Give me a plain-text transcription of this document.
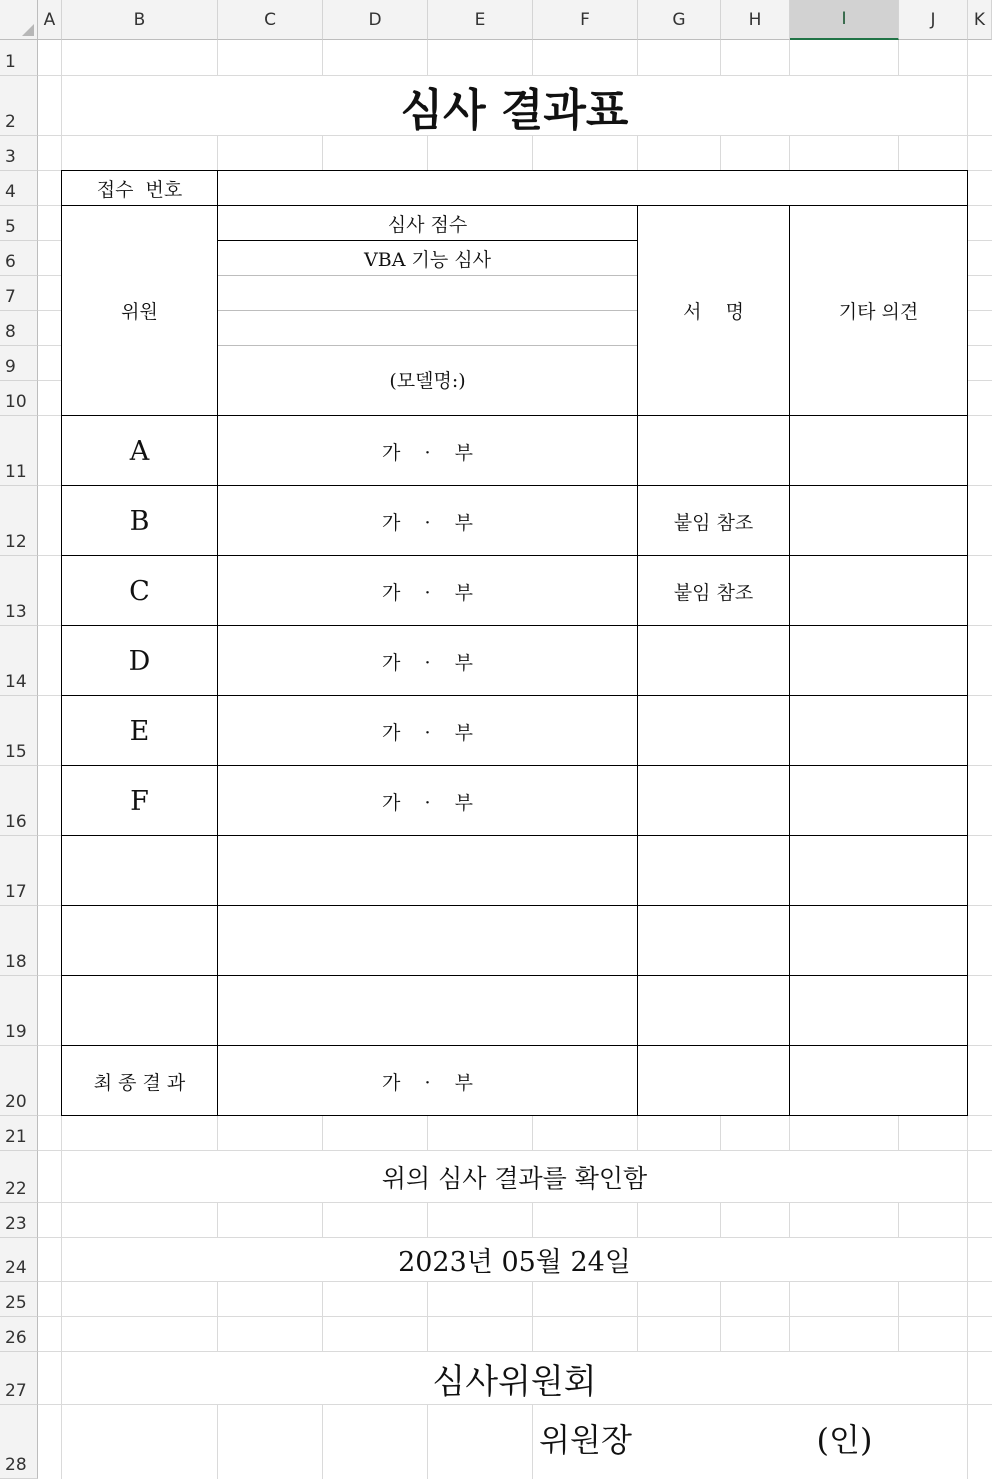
A	B	C	D	E	F	G	H	I	J	K
1
2
3
4
5
6
7
8
9
10
11
12
13
14
15
16
17
18
19
20
21
22
23
24
25
26
27
28
심사 결과표
접수  번호
위원
심사 점수
VBA 기능 심사
(모델명:)
서    명	기타 의견
A	가    ·    부
B	가    ·    부	붙임 참조
C	가    ·    부	붙임 참조
D	가    ·    부
E	가    ·    부
F	가    ·    부
최 종 결 과	가    ·    부
위의 심사 결과를 확인함
2023년 05월 24일
심사위원회
위원장	(인)
